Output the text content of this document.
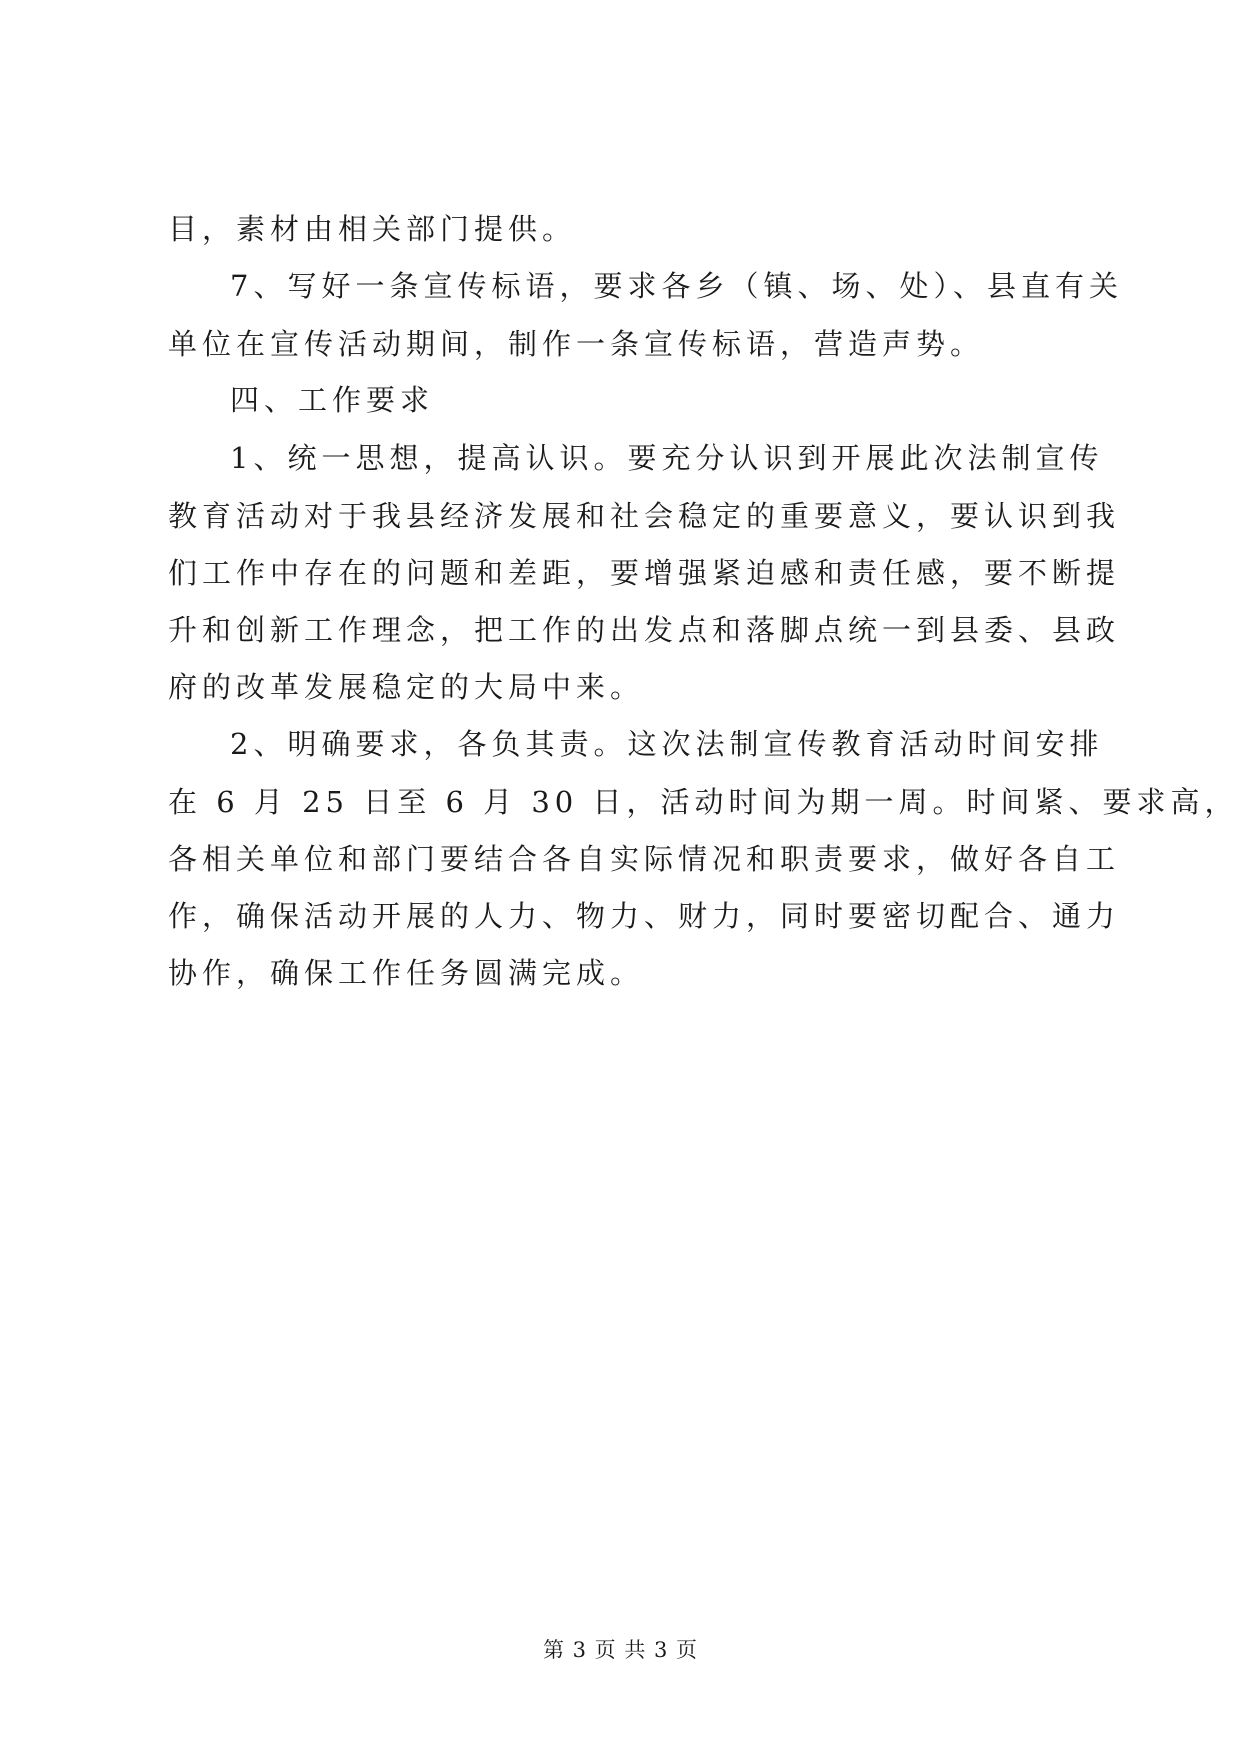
目，素材由相关部门提供。
7、写好一条宣传标语，要求各乡（镇、场、处）、县直有关
单位在宣传活动期间，制作一条宣传标语，营造声势。
四、工作要求
1、统一思想，提高认识。要充分认识到开展此次法制宣传
教育活动对于我县经济发展和社会稳定的重要意义，要认识到我
们工作中存在的问题和差距，要增强紧迫感和责任感，要不断提
升和创新工作理念，把工作的出发点和落脚点统一到县委、县政
府的改革发展稳定的大局中来。
2、明确要求，各负其责。这次法制宣传教育活动时间安排
在 6 月 25 日至 6 月 30 日，活动时间为期一周。时间紧、要求高，
各相关单位和部门要结合各自实际情况和职责要求，做好各自工
作，确保活动开展的人力、物力、财力，同时要密切配合、通力
协作，确保工作任务圆满完成。
第 3 页 共 3 页
